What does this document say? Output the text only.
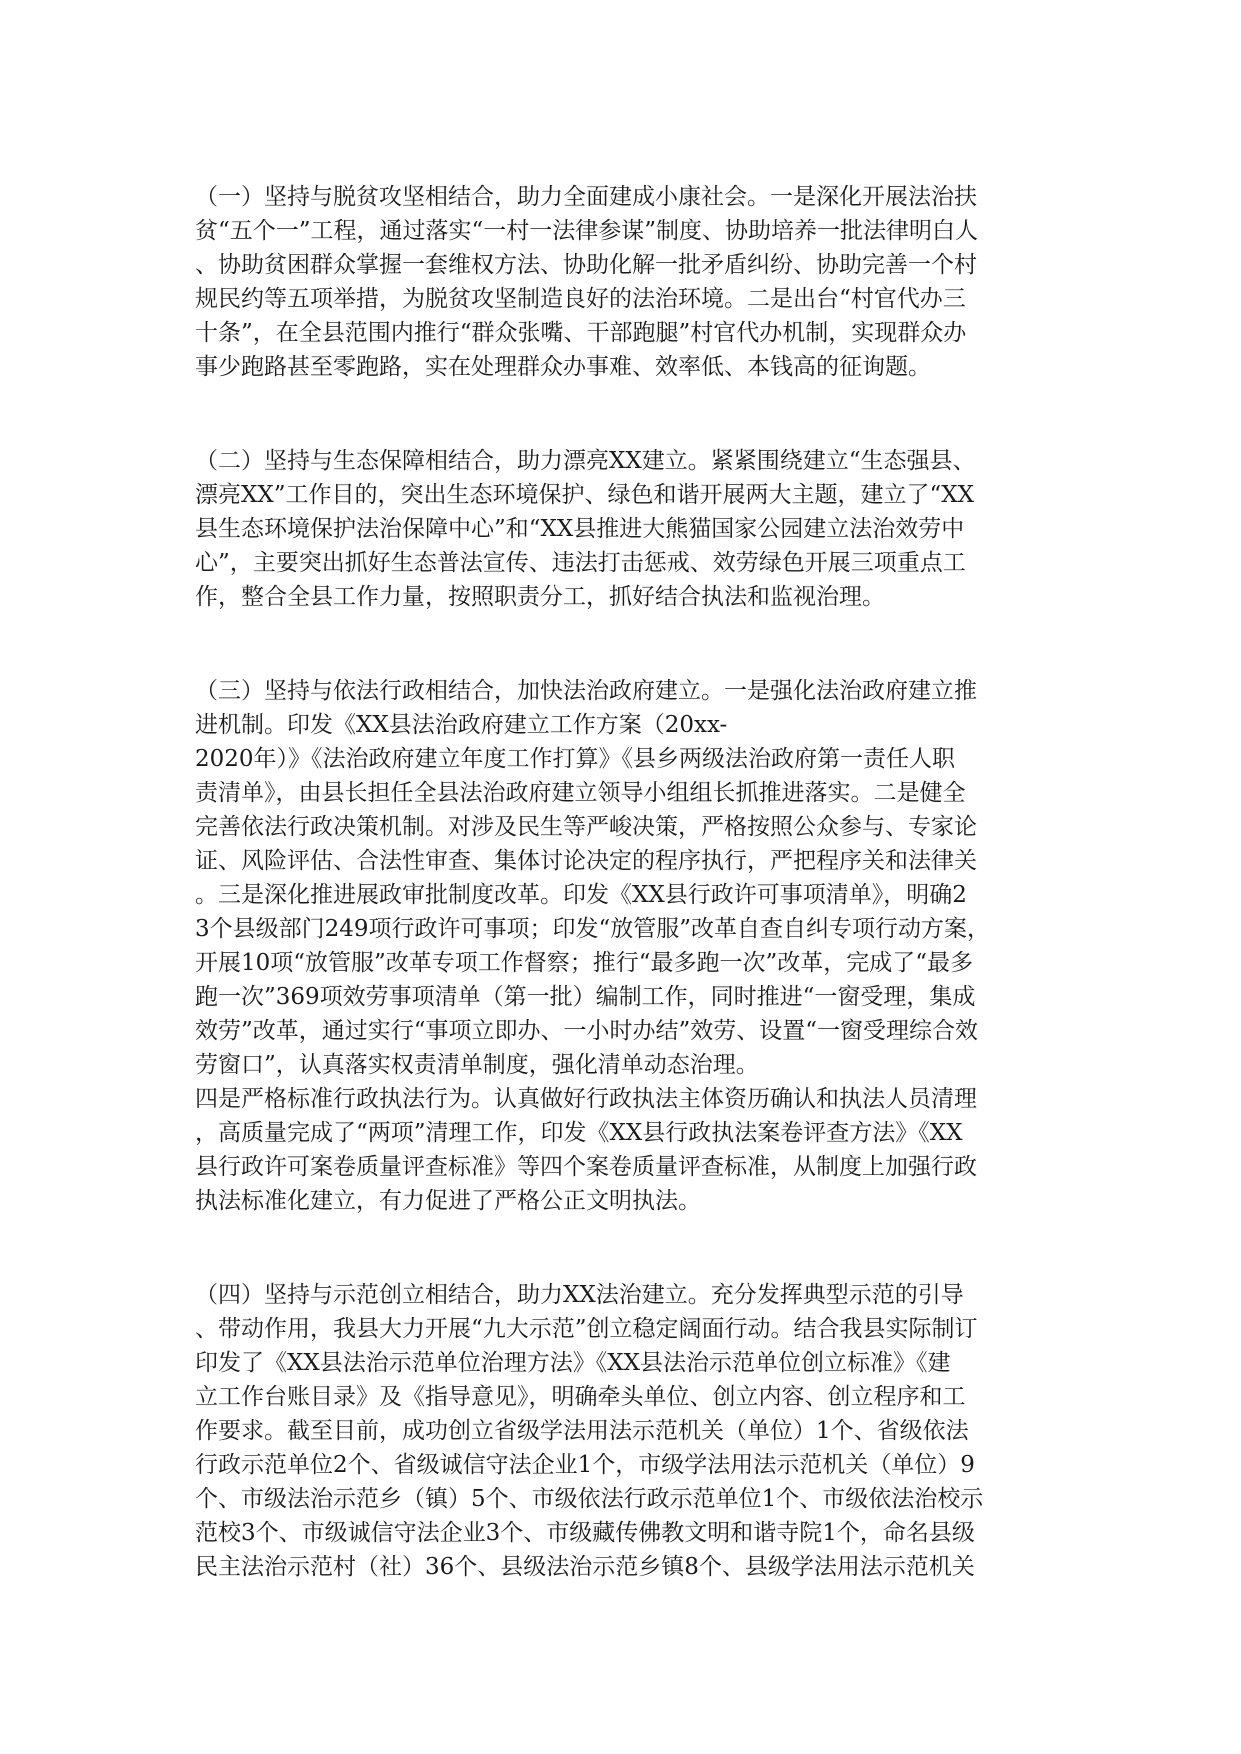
（一）坚持与脱贫攻坚相结合，助力全面建成小康社会。一是深化开展法治扶
贫“五个一”工程，通过落实“一村一法律参谋”制度、协助培养一批法律明白人
、协助贫困群众掌握一套维权方法、协助化解一批矛盾纠纷、协助完善一个村
规民约等五项举措，为脱贫攻坚制造良好的法治环境。二是出台“村官代办三
十条”，在全县范围内推行“群众张嘴、干部跑腿”村官代办机制，实现群众办
事少跑路甚至零跑路，实在处理群众办事难、效率低、本钱高的征询题。
（二）坚持与生态保障相结合，助力漂亮XX建立。紧紧围绕建立“生态强县、
漂亮XX”工作目的，突出生态环境保护、绿色和谐开展两大主题，建立了“XX
县生态环境保护法治保障中心”和“XX县推进大熊猫国家公园建立法治效劳中
心”，主要突出抓好生态普法宣传、违法打击惩戒、效劳绿色开展三项重点工
作，整合全县工作力量，按照职责分工，抓好结合执法和监视治理。
（三）坚持与依法行政相结合，加快法治政府建立。一是强化法治政府建立推
进机制。印发《XX县法治政府建立工作方案（20xx-
2020年）》《法治政府建立年度工作打算》《县乡两级法治政府第一责任人职
责清单》，由县长担任全县法治政府建立领导小组组长抓推进落实。二是健全
完善依法行政决策机制。对涉及民生等严峻决策，严格按照公众参与、专家论
证、风险评估、合法性审查、集体讨论决定的程序执行，严把程序关和法律关
。三是深化推进展政审批制度改革。印发《XX县行政许可事项清单》，明确2
3个县级部门249项行政许可事项；印发“放管服”改革自查自纠专项行动方案，
开展10项“放管服”改革专项工作督察；推行“最多跑一次”改革，完成了“最多
跑一次”369项效劳事项清单（第一批）编制工作，同时推进“一窗受理，集成
效劳”改革，通过实行“事项立即办、一小时办结”效劳、设置“一窗受理综合效
劳窗口”，认真落实权责清单制度，强化清单动态治理。
四是严格标准行政执法行为。认真做好行政执法主体资历确认和执法人员清理
，高质量完成了“两项”清理工作，印发《XX县行政执法案卷评查方法》《XX
县行政许可案卷质量评查标准》等四个案卷质量评查标准，从制度上加强行政
执法标准化建立，有力促进了严格公正文明执法。
（四）坚持与示范创立相结合，助力XX法治建立。充分发挥典型示范的引导
、带动作用，我县大力开展“九大示范”创立稳定阔面行动。结合我县实际制订
印发了《XX县法治示范单位治理方法》《XX县法治示范单位创立标准》《建
立工作台账目录》及《指导意见》，明确牵头单位、创立内容、创立程序和工
作要求。截至目前，成功创立省级学法用法示范机关（单位）1个、省级依法
行政示范单位2个、省级诚信守法企业1个，市级学法用法示范机关（单位）9
个、市级法治示范乡（镇）5个、市级依法行政示范单位1个、市级依法治校示
范校3个、市级诚信守法企业3个、市级藏传佛教文明和谐寺院1个，命名县级
民主法治示范村（社）36个、县级法治示范乡镇8个、县级学法用法示范机关
